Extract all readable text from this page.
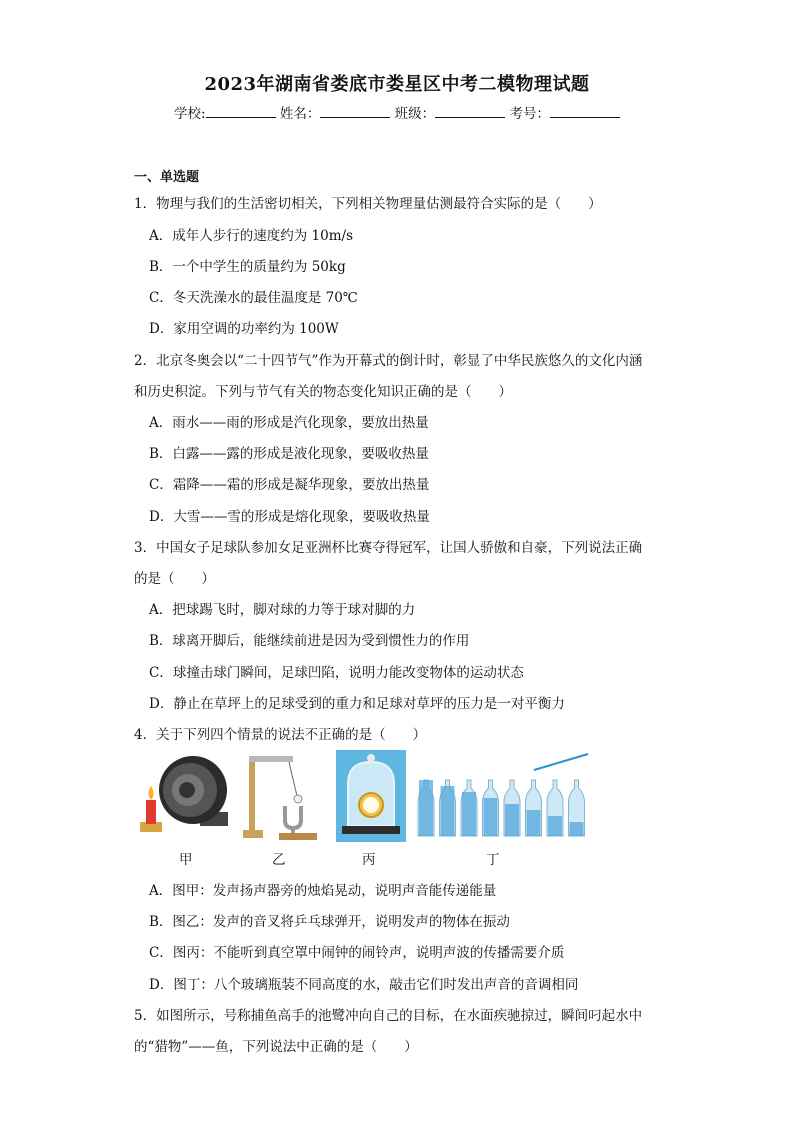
2023年湖南省娄底市娄星区中考二模物理试题
学校:	姓名：	班级：	考号：
一、单选题
1．物理与我们的生活密切相关，下列相关物理量估测最符合实际的是（　　）
A．成年人步行的速度约为 10m/s
B．一个中学生的质量约为 50kg
C．冬天洗澡水的最佳温度是 70℃
D．家用空调的功率约为 100W
2．北京冬奥会以“二十四节气”作为开幕式的倒计时，彰显了中华民族悠久的文化内涵
和历史积淀。下列与节气有关的物态变化知识正确的是（　　）
A．雨水——雨的形成是汽化现象，要放出热量
B．白露——露的形成是液化现象，要吸收热量
C．霜降——霜的形成是凝华现象，要放出热量
D．大雪——雪的形成是熔化现象，要吸收热量
3．中国女子足球队参加女足亚洲杯比赛夺得冠军，让国人骄傲和自豪，下列说法正确
的是（　　）
A．把球踢飞时，脚对球的力等于球对脚的力
B．球离开脚后，能继续前进是因为受到惯性力的作用
C．球撞击球门瞬间，足球凹陷，说明力能改变物体的运动状态
D．静止在草坪上的足球受到的重力和足球对草坪的压力是一对平衡力
4．关于下列四个情景的说法不正确的是（　　）
甲	乙	丙	丁
A．图甲：发声扬声器旁的烛焰晃动，说明声音能传递能量
B．图乙：发声的音叉将乒乓球弹开，说明发声的物体在振动
C．图丙：不能听到真空罩中闹钟的闹铃声，说明声波的传播需要介质
D．图丁：八个玻璃瓶装不同高度的水，敲击它们时发出声音的音调相同
5．如图所示，号称捕鱼高手的池鹭冲向自己的目标，在水面疾驰掠过，瞬间叼起水中
的“猎物”——鱼，下列说法中正确的是（　　）
